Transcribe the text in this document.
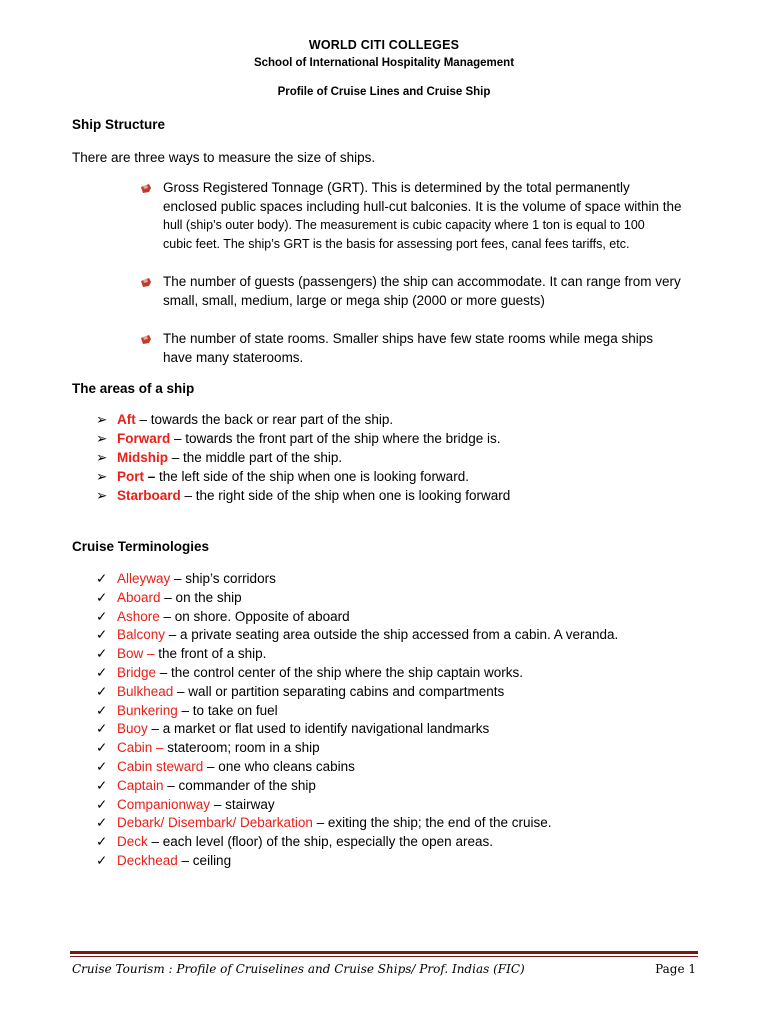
WORLD CITI COLLEGES
School of International Hospitality Management
Profile of Cruise Lines and Cruise Ship
Ship Structure
There are three ways to measure the size of ships.
Gross Registered Tonnage (GRT). This is determined by the total permanently
enclosed public spaces including hull-cut balconies. It is the volume of space within the
hull (ship’s outer body). The measurement is cubic capacity where 1 ton is equal to 100
cubic feet. The ship’s GRT is the basis for assessing port fees, canal fees tariffs, etc.
The number of guests (passengers) the ship can accommodate. It can range from very
small, small, medium, large or mega ship (2000 or more guests)
The number of state rooms. Smaller ships have few state rooms while mega ships
have many staterooms.
The areas of a ship
➢ Aft – towards the back or rear part of the ship.
➢ Forward – towards the front part of the ship where the bridge is.
➢ Midship – the middle part of the ship.
➢ Port – the left side of the ship when one is looking forward.
➢ Starboard – the right side of the ship when one is looking forward
Cruise Terminologies
✓ Alleyway – ship’s corridors
✓ Aboard – on the ship
✓ Ashore – on shore. Opposite of aboard
✓ Balcony – a private seating area outside the ship accessed from a cabin. A veranda.
✓ Bow – the front of a ship.
✓ Bridge – the control center of the ship where the ship captain works.
✓ Bulkhead – wall or partition separating cabins and compartments
✓ Bunkering – to take on fuel
✓ Buoy – a market or flat used to identify navigational landmarks
✓ Cabin – stateroom; room in a ship
✓ Cabin steward – one who cleans cabins
✓ Captain – commander of the ship
✓ Companionway – stairway
✓ Debark/ Disembark/ Debarkation – exiting the ship; the end of the cruise.
✓ Deck – each level (floor) of the ship, especially the open areas.
✓ Deckhead – ceiling
Cruise Tourism : Profile of Cruiselines and Cruise Ships/ Prof. Indias (FIC)	Page 1
